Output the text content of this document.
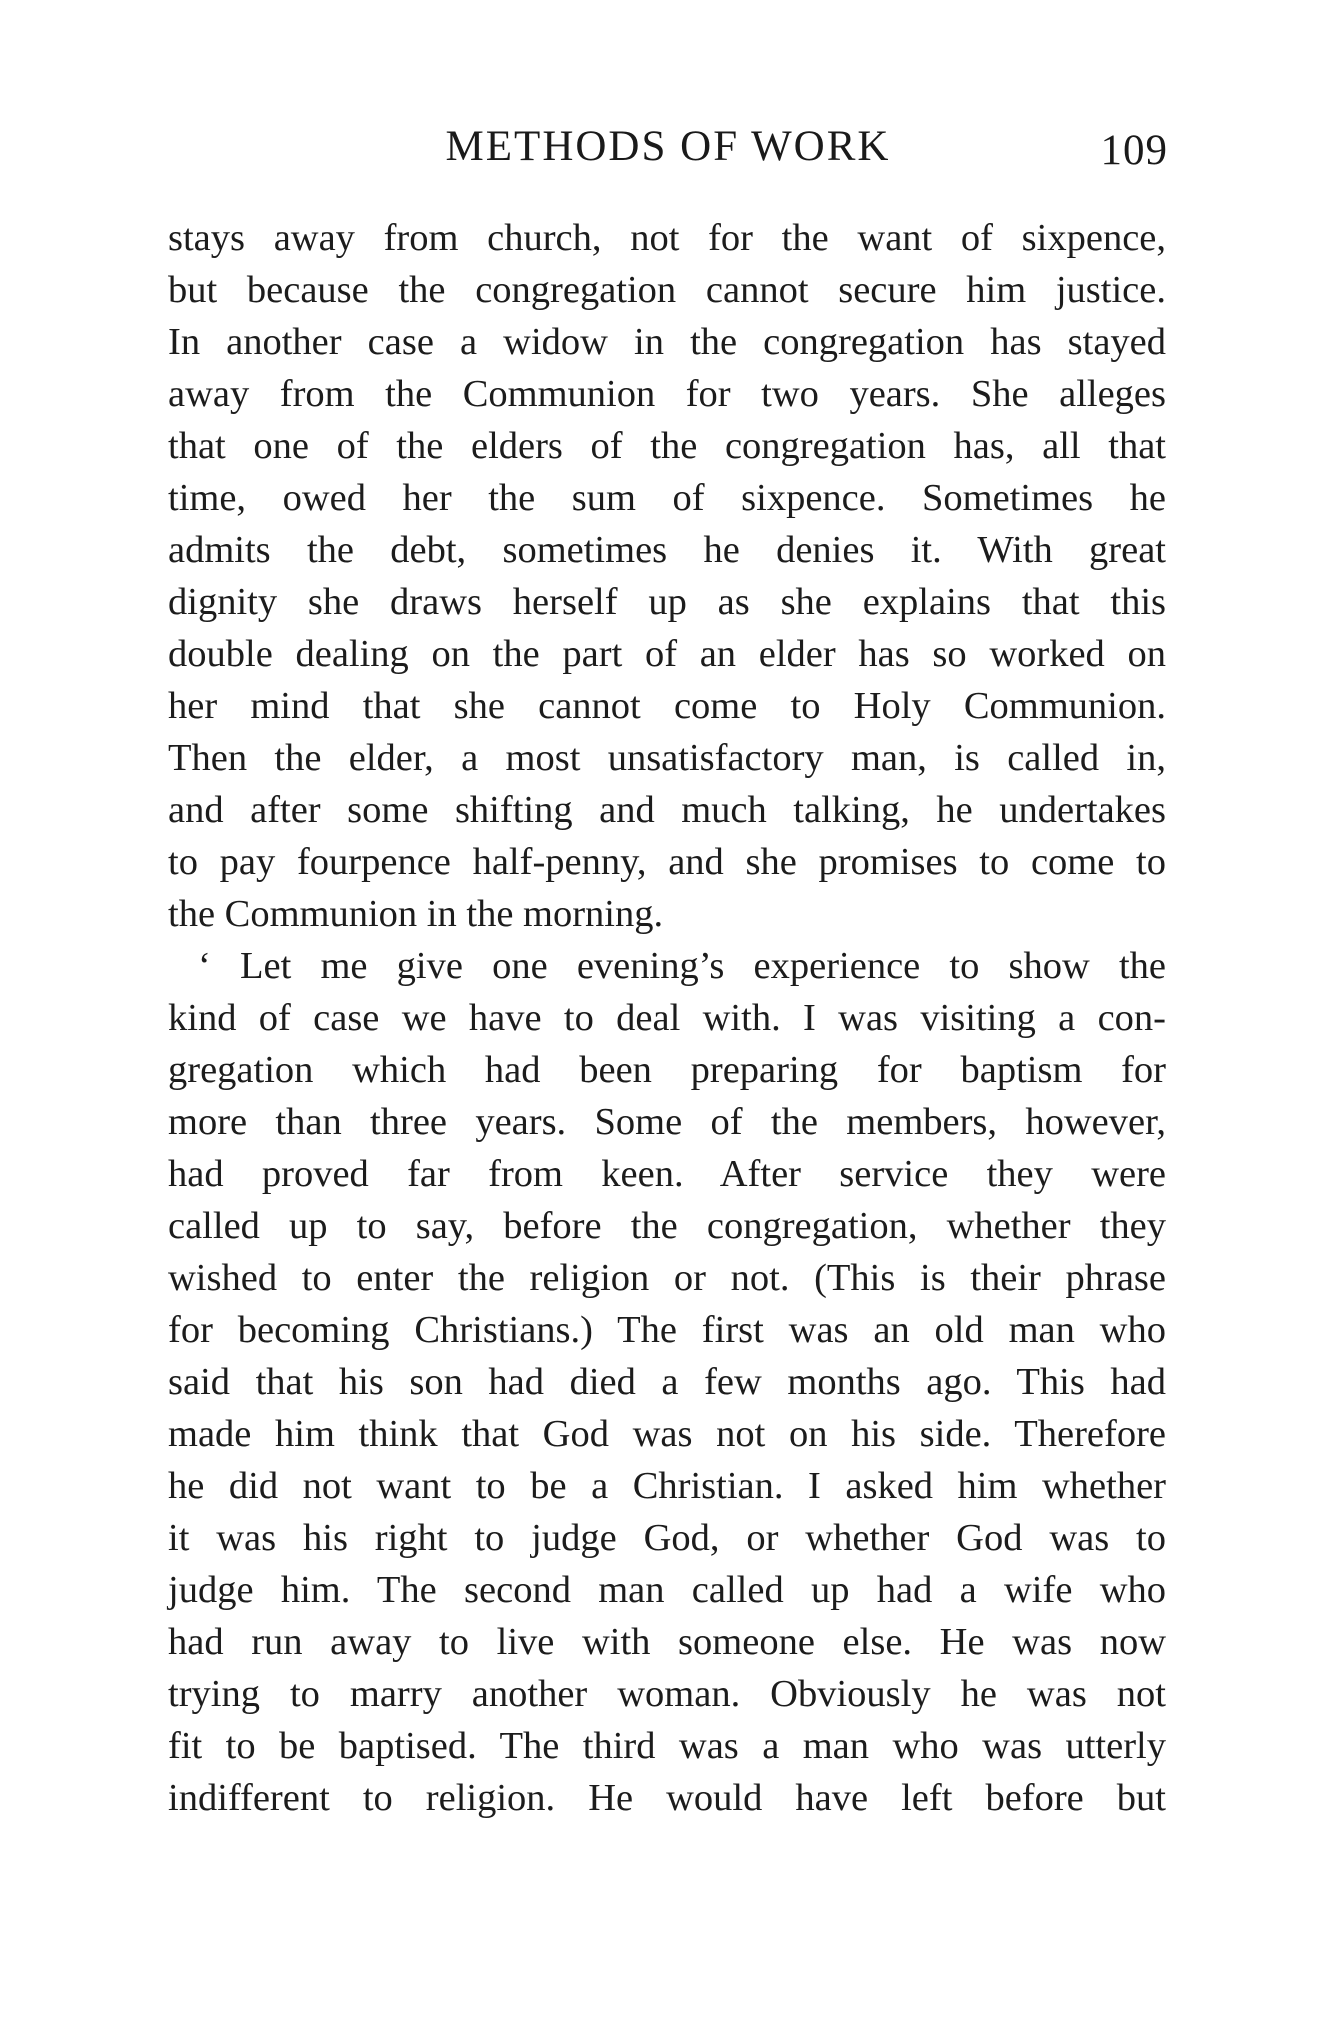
METHODS OF WORK	109
stays away from church, not for the want of sixpence,
but because the congregation cannot secure him justice.
In another case a widow in the congregation has stayed
away from the Communion for two years. She alleges
that one of the elders of the congregation has, all that
time, owed her the sum of sixpence. Sometimes he
admits the debt, sometimes he denies it. With great
dignity she draws herself up as she explains that this
double dealing on the part of an elder has so worked on
her mind that she cannot come to Holy Communion.
Then the elder, a most unsatisfactory man, is called in,
and after some shifting and much talking, he undertakes
to pay fourpence half-penny, and she promises to come to
the Communion in the morning.
‘ Let me give one evening’s experience to show the
kind of case we have to deal with. I was visiting a con-
gregation which had been preparing for baptism for
more than three years. Some of the members, however,
had proved far from keen. After service they were
called up to say, before the congregation, whether they
wished to enter the religion or not. (This is their phrase
for becoming Christians.) The first was an old man who
said that his son had died a few months ago. This had
made him think that God was not on his side. Therefore
he did not want to be a Christian. I asked him whether
it was his right to judge God, or whether God was to
judge him. The second man called up had a wife who
had run away to live with someone else. He was now
trying to marry another woman. Obviously he was not
fit to be baptised. The third was a man who was utterly
indifferent to religion. He would have left before but
